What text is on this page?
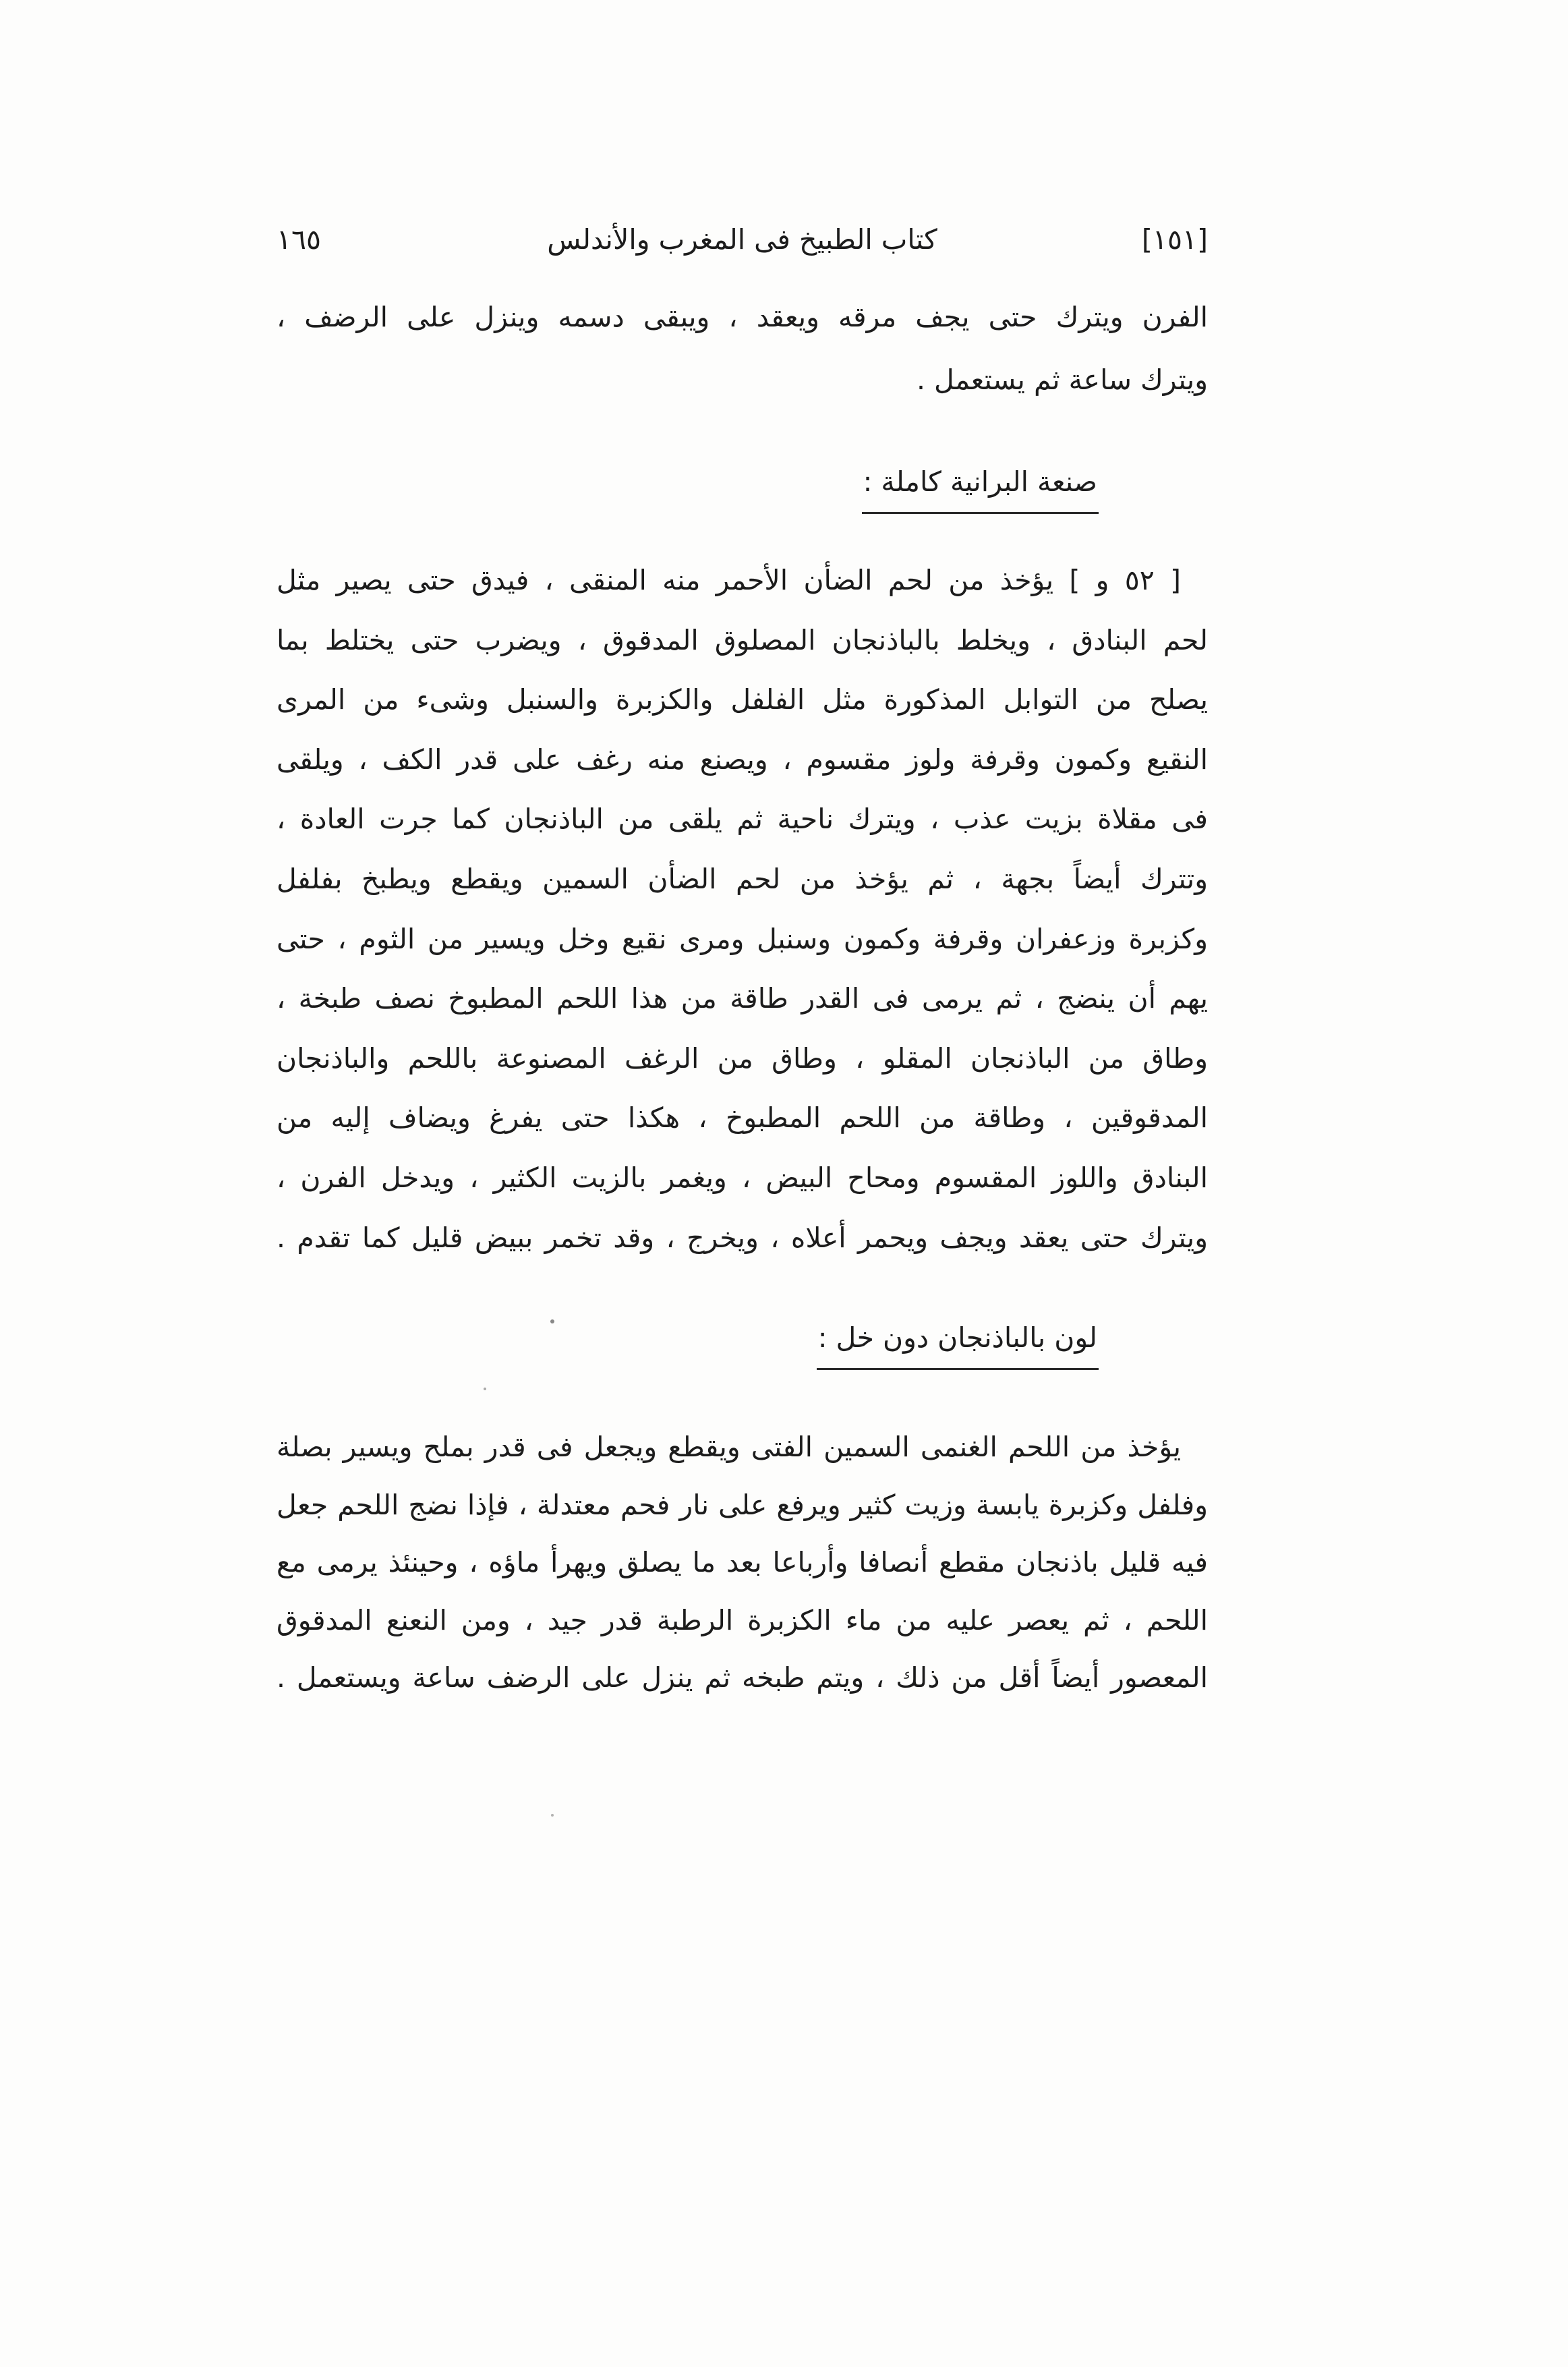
[١٥١]
كتاب الطبيخ فى المغرب والأندلس
١٦٥
الفرن ويترك حتى يجف مرقه ويعقد ، ويبقى دسمه وينزل على الرضف ،
ويترك ساعة ثم يستعمل .
صنعة البرانية كاملة :
[ ٥٢ و ] يؤخذ من لحم الضأن الأحمر منه المنقى ، فيدق حتى يصير مثل
لحم البنادق ، ويخلط بالباذنجان المصلوق المدقوق ، ويضرب حتى يختلط بما
يصلح من التوابل المذكورة مثل الفلفل والكزبرة والسنبل وشىء من المرى
النقيع وكمون وقرفة ولوز مقسوم ، ويصنع منه رغف على قدر الكف ، ويلقى
فى مقلاة بزيت عذب ، ويترك ناحية ثم يلقى من الباذنجان كما جرت العادة ،
وتترك أيضاً بجهة ، ثم يؤخذ من لحم الضأن السمين ويقطع ويطبخ بفلفل
وكزبرة وزعفران وقرفة وكمون وسنبل ومرى نقيع وخل ويسير من الثوم ، حتى
يهم أن ينضج ، ثم يرمى فى القدر طاقة من هذا اللحم المطبوخ نصف طبخة ،
وطاق من الباذنجان المقلو ، وطاق من الرغف المصنوعة باللحم والباذنجان
المدقوقين ، وطاقة من اللحم المطبوخ ، هكذا حتى يفرغ ويضاف إليه من
البنادق واللوز المقسوم ومحاح البيض ، ويغمر بالزيت الكثير ، ويدخل الفرن ،
ويترك حتى يعقد ويجف ويحمر أعلاه ، ويخرج ، وقد تخمر ببيض قليل كما تقدم .
لون بالباذنجان دون خل :
يؤخذ من اللحم الغنمى السمين الفتى ويقطع ويجعل فى قدر بملح ويسير بصلة
وفلفل وكزبرة يابسة وزيت كثير ويرفع على نار فحم معتدلة ، فإذا نضج اللحم جعل
فيه قليل باذنجان مقطع أنصافا وأرباعا بعد ما يصلق ويهرأ ماؤه ، وحينئذ يرمى مع
اللحم ، ثم يعصر عليه من ماء الكزبرة الرطبة قدر جيد ، ومن النعنع المدقوق
المعصور أيضاً أقل من ذلك ، ويتم طبخه ثم ينزل على الرضف ساعة ويستعمل .
